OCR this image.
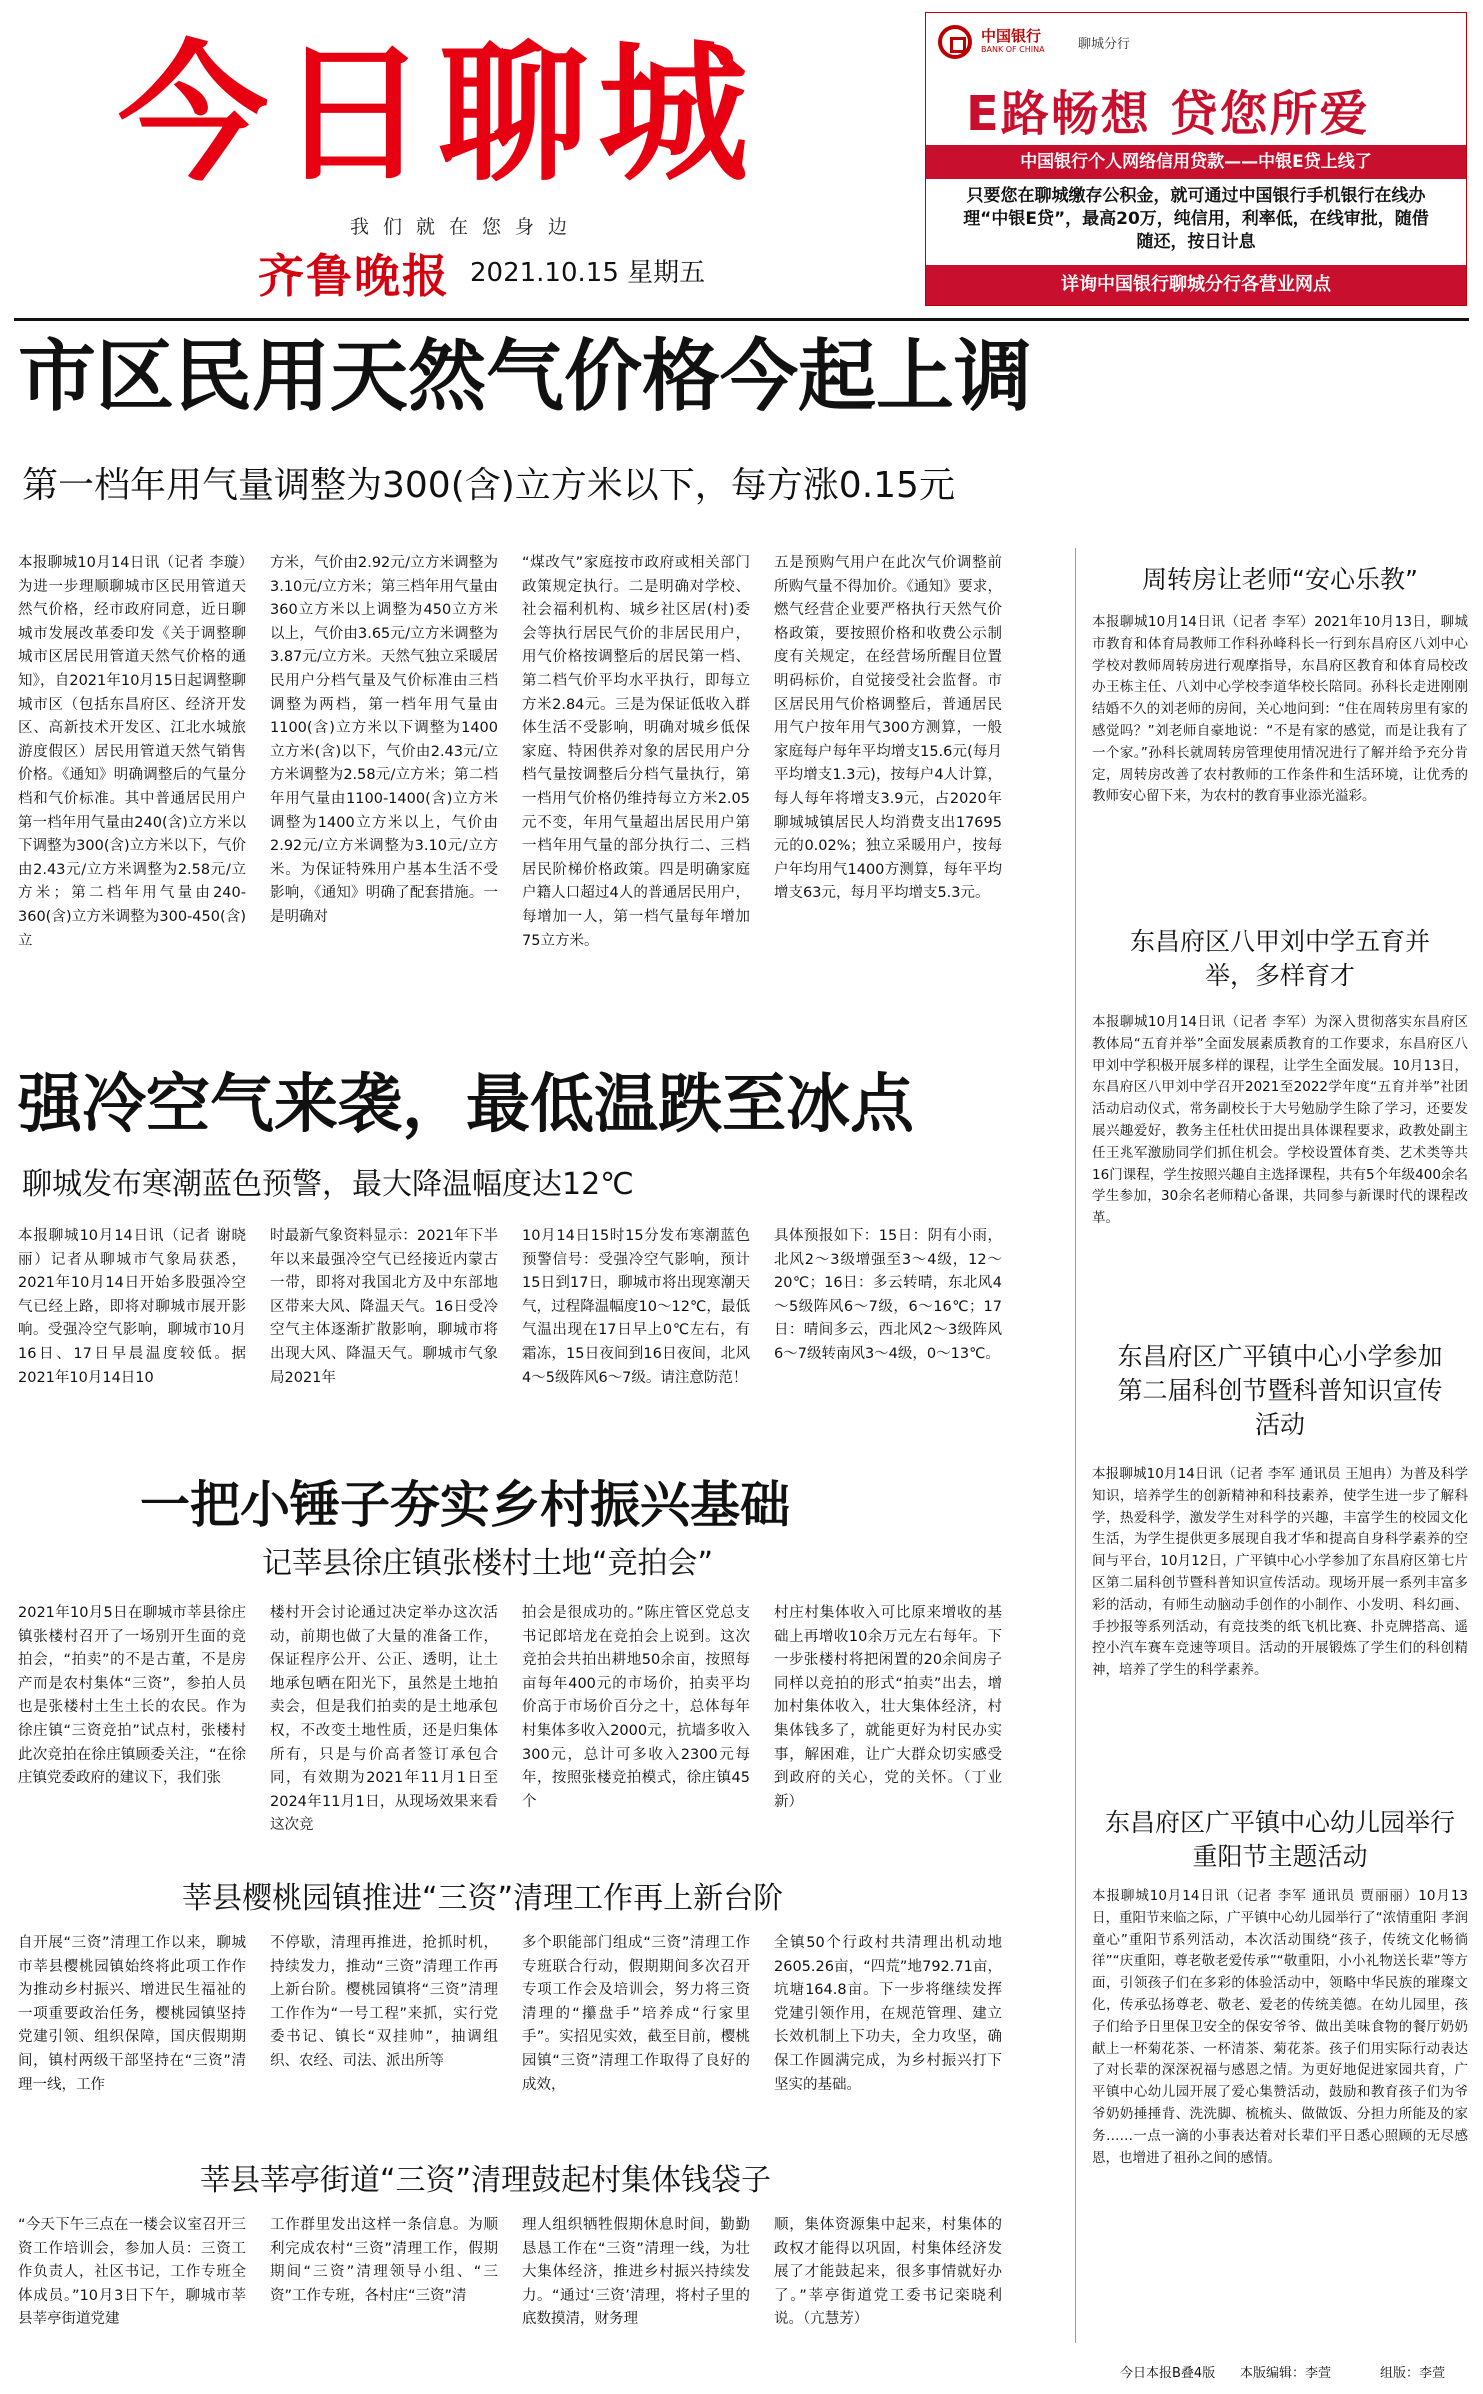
今日聊城
我们就在您身边
齐鲁晚报 2021.10.15 星期五
中国银行
BANK OF CHINA	聊城分行
E路畅想 贷您所爱
中国银行个人网络信用贷款——中银E贷上线了
只要您在聊城缴存公积金，就可通过中国银行手机银行在线办理“中银E贷”，最高20万，纯信用，利率低，在线审批，随借随还，按日计息
详询中国银行聊城分行各营业网点
市区民用天然气价格今起上调
第一档年用气量调整为300(含)立方米以下，每方涨0.15元
本报聊城10月14日讯（记者 李璇）为进一步理顺聊城市区民用管道天然气价格，经市政府同意，近日聊城市发展改革委印发《关于调整聊城市区居民用管道天然气价格的通知》，自2021年10月15日起调整聊城市区（包括东昌府区、经济开发区、高新技术开发区、江北水城旅游度假区）居民用管道天然气销售价格。《通知》明确调整后的气量分档和气价标准。其中普通居民用户第一档年用气量由240(含)立方米以下调整为300(含)立方米以下，气价由2.43元/立方米调整为2.58元/立方米；第二档年用气量由240-360(含)立方米调整为300-450(含)立
方米，气价由2.92元/立方米调整为3.10元/立方米；第三档年用气量由360立方米以上调整为450立方米以上，气价由3.65元/立方米调整为3.87元/立方米。天然气独立采暖居民用户分档气量及气价标准由三档调整为两档，第一档年用气量由1100(含)立方米以下调整为1400立方米(含)以下，气价由2.43元/立方米调整为2.58元/立方米；第二档年用气量由1100-1400(含)立方米调整为1400立方米以上，气价由2.92元/立方米调整为3.10元/立方米。为保证特殊用户基本生活不受影响，《通知》明确了配套措施。一是明确对
“煤改气”家庭按市政府或相关部门政策规定执行。二是明确对学校、社会福利机构、城乡社区居(村)委会等执行居民气价的非居民用户，用气价格按调整后的居民第一档、第二档气价平均水平执行，即每立方米2.84元。三是为保证低收入群体生活不受影响，明确对城乡低保家庭、特困供养对象的居民用户分档气量按调整后分档气量执行，第一档用气价格仍维持每立方米2.05元不变，年用气量超出居民用户第一档年用气量的部分执行二、三档居民阶梯价格政策。四是明确家庭户籍人口超过4人的普通居民用户，每增加一人，第一档气量每年增加75立方米。
五是预购气用户在此次气价调整前所购气量不得加价。《通知》要求，燃气经营企业要严格执行天然气价格政策，要按照价格和收费公示制度有关规定，在经营场所醒目位置明码标价，自觉接受社会监督。市区居民用气价格调整后，普通居民用气户按年用气300方测算，一般家庭每户每年平均增支15.6元(每月平均增支1.3元)，按每户4人计算，每人每年将增支3.9元，占2020年聊城城镇居民人均消费支出17695元的0.02%；独立采暖用户，按每户年均用气1400方测算，每年平均增支63元，每月平均增支5.3元。
强冷空气来袭，最低温跌至冰点
聊城发布寒潮蓝色预警，最大降温幅度达12℃
本报聊城10月14日讯（记者 谢晓丽）记者从聊城市气象局获悉，2021年10月14日开始多股强冷空气已经上路，即将对聊城市展开影响。受强冷空气影响，聊城市10月16日、17日早晨温度较低。据2021年10月14日10
时最新气象资料显示：2021年下半年以来最强冷空气已经接近内蒙古一带，即将对我国北方及中东部地区带来大风、降温天气。16日受冷空气主体逐渐扩散影响，聊城市将出现大风、降温天气。聊城市气象局2021年
10月14日15时15分发布寒潮蓝色预警信号：受强冷空气影响，预计15日到17日，聊城市将出现寒潮天气，过程降温幅度10～12℃，最低气温出现在17日早上0℃左右，有霜冻，15日夜间到16日夜间，北风4～5级阵风6～7级。请注意防范！
具体预报如下：15日：阴有小雨，北风2～3级增强至3～4级，12～20℃；16日：多云转晴，东北风4～5级阵风6～7级，6～16℃；17日：晴间多云，西北风2～3级阵风6～7级转南风3～4级，0～13℃。
一把小锤子夯实乡村振兴基础
记莘县徐庄镇张楼村土地“竞拍会”
2021年10月5日在聊城市莘县徐庄镇张楼村召开了一场别开生面的竞拍会，“拍卖”的不是古董，不是房产而是农村集体“三资”，参拍人员也是张楼村土生土长的农民。作为徐庄镇“三资竞拍”试点村，张楼村此次竞拍在徐庄镇顾委关注，“在徐庄镇党委政府的建议下，我们张
楼村开会讨论通过决定举办这次活动，前期也做了大量的准备工作，保证程序公开、公正、透明，让土地承包晒在阳光下，虽然是土地拍卖会，但是我们拍卖的是土地承包权，不改变土地性质，还是归集体所有，只是与价高者签订承包合同，有效期为2021年11月1日至2024年11月1日，从现场效果来看这次竞
拍会是很成功的。”陈庄管区党总支书记郎培龙在竞拍会上说到。这次竞拍会共拍出耕地50余亩，按照每亩每年400元的市场价，拍卖平均价高于市场价百分之十，总体每年村集体多收入2000元，抗墙多收入300元，总计可多收入2300元每年，按照张楼竞拍模式，徐庄镇45个
村庄村集体收入可比原来增收的基础上再增收10余万元左右每年。下一步张楼村将把闲置的20余间房子同样以竞拍的形式“拍卖”出去，增加村集体收入，壮大集体经济，村集体钱多了，就能更好为村民办实事，解困难，让广大群众切实感受到政府的关心，党的关怀。（丁业新）
莘县樱桃园镇推进“三资”清理工作再上新台阶
自开展“三资”清理工作以来，聊城市莘县樱桃园镇始终将此项工作作为推动乡村振兴、增进民生福祉的一项重要政治任务，樱桃园镇坚持党建引领、组织保障，国庆假期期间，镇村两级干部坚持在“三资”清理一线，工作
不停歇，清理再推进，抢抓时机，持续发力，推动“三资”清理工作再上新台阶。樱桃园镇将“三资”清理工作作为“一号工程”来抓，实行党委书记、镇长“双挂帅”，抽调组织、农经、司法、派出所等
多个职能部门组成“三资”清理工作专班联合行动，假期期间多次召开专项工作会及培训会，努力将三资清理的“攥盘手”培养成“行家里手”。实招见实效，截至目前，樱桃园镇“三资”清理工作取得了良好的成效，
全镇50个行政村共清理出机动地2605.26亩，“四荒”地792.71亩，坑塘164.8亩。下一步将继续发挥党建引领作用，在规范管理、建立长效机制上下功夫，全力攻坚，确保工作圆满完成，为乡村振兴打下坚实的基础。
莘县莘亭街道“三资”清理鼓起村集体钱袋子
“今天下午三点在一楼会议室召开三资工作培训会，参加人员：三资工作负责人，社区书记，工作专班全体成员。”10月3日下午，聊城市莘县莘亭街道党建
工作群里发出这样一条信息。为顺利完成农村“三资”清理工作，假期期间“三资”清理领导小组、“三资”工作专班，各村庄“三资”清
理人组织牺牲假期休息时间，勤勤恳恳工作在“三资”清理一线，为壮大集体经济，推进乡村振兴持续发力。“通过‘三资’清理，将村子里的底数摸清，财务理
顺，集体资源集中起来，村集体的政权才能得以巩固，村集体经济发展了才能鼓起来，很多事情就好办了。”莘亭街道党工委书记栾晓利说。（亢慧芳）
周转房让老师“安心乐教”
本报聊城10月14日讯（记者 李军）2021年10月13日，聊城市教育和体育局教师工作科孙峰科长一行到东昌府区八刘中心学校对教师周转房进行观摩指导，东昌府区教育和体育局校改办王栋主任、八刘中心学校李道华校长陪同。孙科长走进刚刚结婚不久的刘老师的房间，关心地问到：“住在周转房里有家的感觉吗？”刘老师自豪地说：“不是有家的感觉，而是让我有了一个家。”孙科长就周转房管理使用情况进行了解并给予充分肯定，周转房改善了农村教师的工作条件和生活环境，让优秀的教师安心留下来，为农村的教育事业添光溢彩。
东昌府区八甲刘中学五育并举，多样育才
本报聊城10月14日讯（记者 李军）为深入贯彻落实东昌府区教体局“五育并举”全面发展素质教育的工作要求，东昌府区八甲刘中学积极开展多样的课程，让学生全面发展。10月13日，东昌府区八甲刘中学召开2021至2022学年度“五育并举”社团活动启动仪式，常务副校长于大号勉励学生除了学习，还要发展兴趣爱好，教务主任杜伏田提出具体课程要求，政教处副主任王兆军激励同学们抓住机会。学校设置体育类、艺术类等共16门课程，学生按照兴趣自主选择课程，共有5个年级400余名学生参加，30余名老师精心备课，共同参与新课时代的课程改革。
东昌府区广平镇中心小学参加第二届科创节暨科普知识宣传活动
本报聊城10月14日讯（记者 李军 通讯员 王旭冉）为普及科学知识，培养学生的创新精神和科技素养，使学生进一步了解科学，热爱科学，激发学生对科学的兴趣，丰富学生的校园文化生活，为学生提供更多展现自我才华和提高自身科学素养的空间与平台，10月12日，广平镇中心小学参加了东昌府区第七片区第二届科创节暨科普知识宣传活动。现场开展一系列丰富多彩的活动，有师生动脑动手创作的小制作、小发明、科幻画、手抄报等系列活动，有竞技类的纸飞机比赛、扑克牌搭高、遥控小汽车赛车竞速等项目。活动的开展锻炼了学生们的科创精神，培养了学生的科学素养。
东昌府区广平镇中心幼儿园举行重阳节主题活动
本报聊城10月14日讯（记者 李军 通讯员 贾丽丽）10月13日，重阳节来临之际，广平镇中心幼儿园举行了“浓情重阳 孝润童心”重阳节系列活动，本次活动围绕“孩子，传统文化畅徜徉”“庆重阳，尊老敬老爱传承”“敬重阳，小小礼物送长辈”等方面，引领孩子们在多彩的体验活动中，领略中华民族的璀璨文化，传承弘扬尊老、敬老、爱老的传统美德。在幼儿园里，孩子们给予日里保卫安全的保安爷爷、做出美味食物的餐厅奶奶献上一杯菊花茶、一杯清茶、菊花茶。孩子们用实际行动表达了对长辈的深深祝福与感恩之情。为更好地促进家园共育，广平镇中心幼儿园开展了爱心集赞活动，鼓励和教育孩子们为爷爷奶奶捶捶背、洗洗脚、梳梳头、做做饭、分担力所能及的家务……一点一滴的小事表达着对长辈们平日悉心照顾的无尽感恩，也增进了祖孙之间的感情。
今日本报B叠4版 本版编辑：李萱	组版：李萱
